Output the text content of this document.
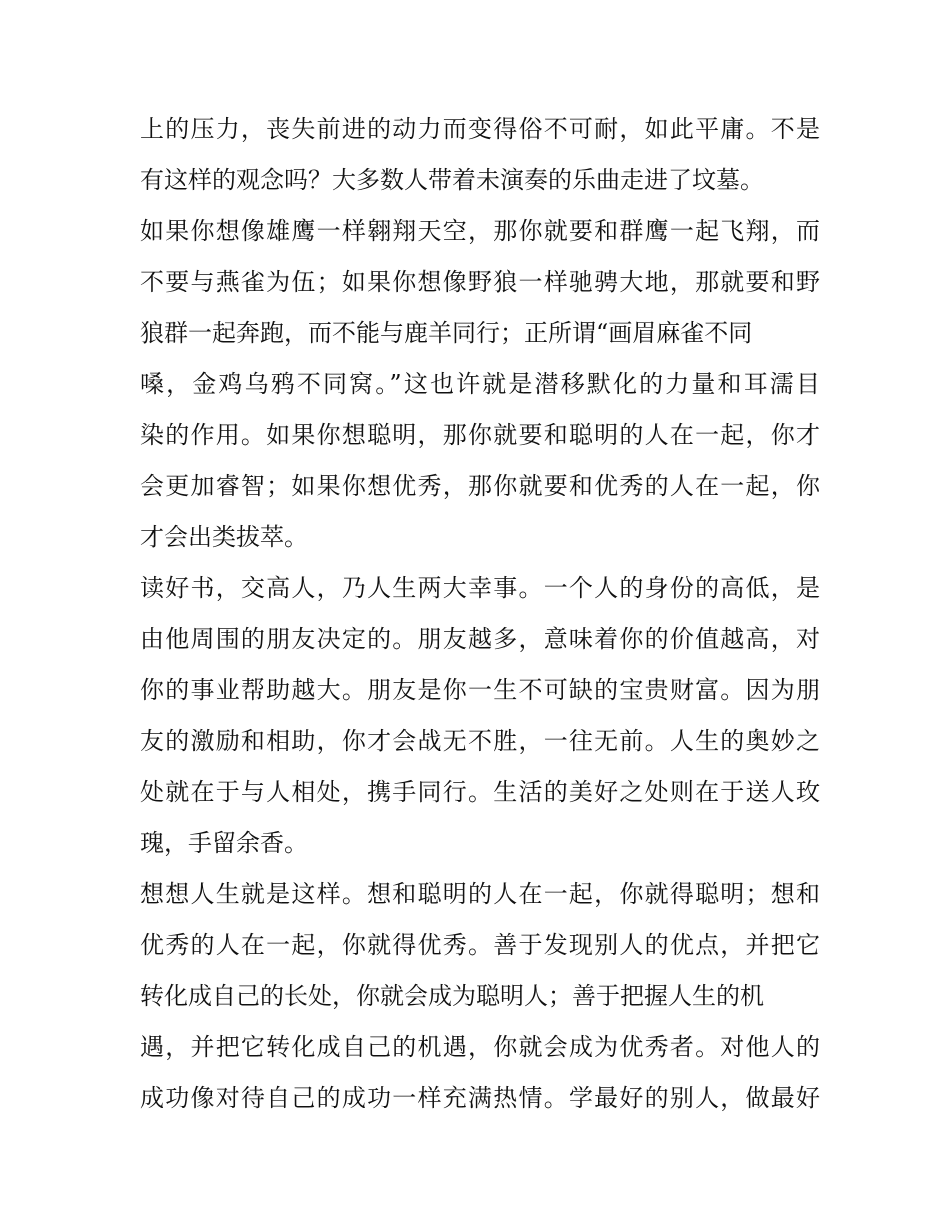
上的压力，丧失前进的动力而变得俗不可耐，如此平庸。不是
有这样的观念吗？大多数人带着未演奏的乐曲走进了坟墓。
如果你想像雄鹰一样翱翔天空，那你就要和群鹰一起飞翔，而
不要与燕雀为伍；如果你想像野狼一样驰骋大地，那就要和野
狼群一起奔跑，而不能与鹿羊同行；正所谓“画眉麻雀不同
嗓，金鸡乌鸦不同窝。”这也许就是潜移默化的力量和耳濡目
染的作用。如果你想聪明，那你就要和聪明的人在一起，你才
会更加睿智；如果你想优秀，那你就要和优秀的人在一起，你
才会出类拔萃。
读好书，交高人，乃人生两大幸事。一个人的身份的高低，是
由他周围的朋友决定的。朋友越多，意味着你的价值越高，对
你的事业帮助越大。朋友是你一生不可缺的宝贵财富。因为朋
友的激励和相助，你才会战无不胜，一往无前。人生的奥妙之
处就在于与人相处，携手同行。生活的美好之处则在于送人玫
瑰，手留余香。
想想人生就是这样。想和聪明的人在一起，你就得聪明；想和
优秀的人在一起，你就得优秀。善于发现别人的优点，并把它
转化成自己的长处，你就会成为聪明人；善于把握人生的机
遇，并把它转化成自己的机遇，你就会成为优秀者。对他人的
成功像对待自己的成功一样充满热情。学最好的别人，做最好
